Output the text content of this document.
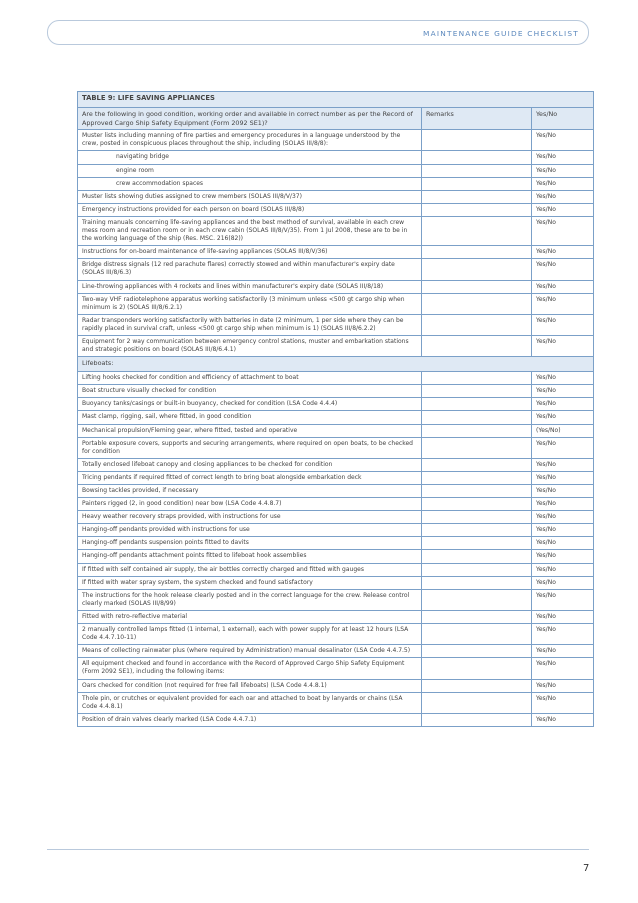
MAINTENANCE GUIDE CHECKLIST
TABLE 9: LIFE SAVING APPLIANCES		
Are the following in good condition, working order and available in correct number as per the Record of Approved Cargo Ship Safety Equipment (Form 2092 SE1)?	Remarks	Yes/No
Muster lists including manning of fire parties and emergency procedures in a language understood by the crew, posted in conspicuous places throughout the ship, including (SOLAS III/8/8):		Yes/No
navigating bridge		Yes/No
engine room		Yes/No
crew accommodation spaces		Yes/No
Muster lists showing duties assigned to crew members (SOLAS III/8/V/37)		Yes/No
Emergency instructions provided for each person on board (SOLAS III/8/8)		Yes/No
Training manuals concerning life-saving appliances and the best method of survival, available in each crew mess room and recreation room or in each crew cabin (SOLAS III/8/V/35). From 1 Jul 2008, these are to be in the working language of the ship (Res. MSC. 216(82))		Yes/No
Instructions for on-board maintenance of life-saving appliances (SOLAS III/8/V/36)		Yes/No
Bridge distress signals (12 red parachute flares) correctly stowed and within manufacturer's expiry date (SOLAS III/8/6.3)		Yes/No
Line-throwing appliances with 4 rockets and lines within manufacturer's expiry date (SOLAS III/8/18)		Yes/No
Two-way VHF radiotelephone apparatus working satisfactorily (3 minimum unless <500 gt cargo ship when minimum is 2) (SOLAS III/8/6.2.1)		Yes/No
Radar transponders working satisfactorily with batteries in date (2 minimum, 1 per side where they can be rapidly placed in survival craft, unless <500 gt cargo ship when minimum is 1) (SOLAS III/8/6.2.2)		Yes/No
Equipment for 2 way communication between emergency control stations, muster and embarkation stations and strategic positions on board (SOLAS III/8/6.4.1)		Yes/No
Lifeboats:		
Lifting hooks checked for condition and efficiency of attachment to boat		Yes/No
Boat structure visually checked for condition		Yes/No
Buoyancy tanks/casings or built-in buoyancy, checked for condition (LSA Code 4.4.4)		Yes/No
Mast clamp, rigging, sail, where fitted, in good condition		Yes/No
Mechanical propulsion/Fleming gear, where fitted, tested and operative		(Yes/No)
Portable exposure covers, supports and securing arrangements, where required on open boats, to be checked for condition		Yes/No
Totally enclosed lifeboat canopy and closing appliances to be checked for condition		Yes/No
Tricing pendants if required fitted of correct length to bring boat alongside embarkation deck		Yes/No
Bowsing tackles provided, if necessary		Yes/No
Painters rigged (2, in good condition) near bow (LSA Code 4.4.8.7)		Yes/No
Heavy weather recovery straps provided, with instructions for use		Yes/No
Hanging-off pendants provided with instructions for use		Yes/No
Hanging-off pendants suspension points fitted to davits		Yes/No
Hanging-off pendants attachment points fitted to lifeboat hook assemblies		Yes/No
If fitted with self contained air supply, the air bottles correctly charged and fitted with gauges		Yes/No
If fitted with water spray system, the system checked and found satisfactory		Yes/No
The instructions for the hook release clearly posted and in the correct language for the crew. Release control clearly marked (SOLAS III/8/99)		Yes/No
Fitted with retro-reflective material		Yes/No
2 manually controlled lamps fitted (1 internal, 1 external), each with power supply for at least 12 hours (LSA Code 4.4.7.10-11)		Yes/No
Means of collecting rainwater plus (where required by Administration) manual desalinator (LSA Code 4.4.7.5)		Yes/No
All equipment checked and found in accordance with the Record of Approved Cargo Ship Safety Equipment (Form 2092 SE1), including the following items:		Yes/No
Oars checked for condition (not required for free fall lifeboats) (LSA Code 4.4.8.1)		Yes/No
Thole pin, or crutches or equivalent provided for each oar and attached to boat by lanyards or chains (LSA Code 4.4.8.1)		Yes/No
Position of drain valves clearly marked (LSA Code 4.4.7.1)		Yes/No
7
